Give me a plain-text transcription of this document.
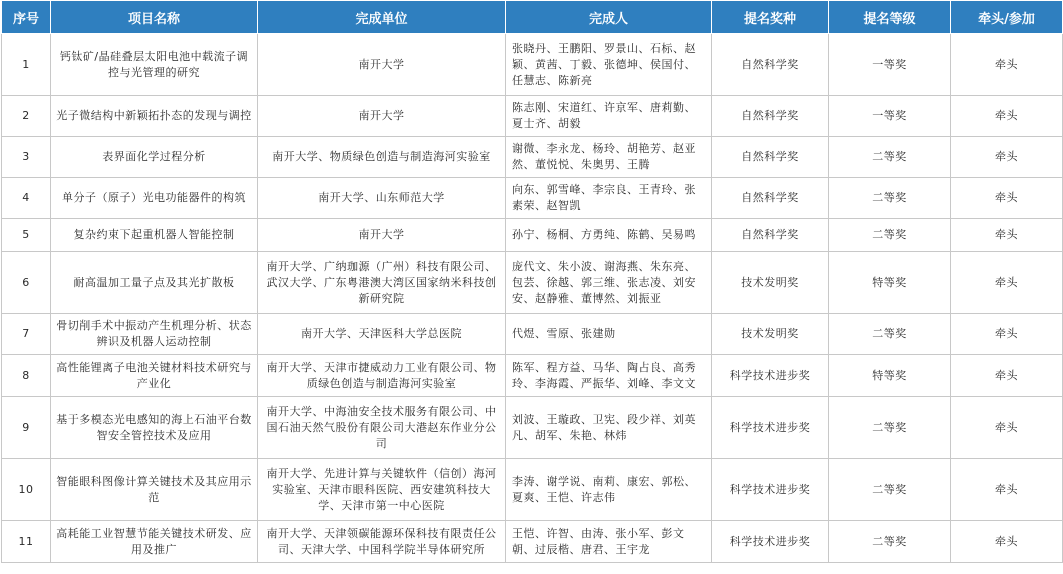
序号	项目名称	完成单位	完成人	提名奖种	提名等级	牵头/参加
1	钙钛矿/晶硅叠层太阳电池中载流子调控与光管理的研究	南开大学	张晓丹、王鹏阳、罗景山、石标、赵颖、黄茜、丁毅、张德坤、侯国付、任慧志、陈新亮	自然科学奖	一等奖	牵头
2	光子微结构中新颖拓扑态的发现与调控	南开大学	陈志刚、宋道红、许京军、唐莉勤、夏士齐、胡毅	自然科学奖	一等奖	牵头
3	表界面化学过程分析	南开大学、物质绿色创造与制造海河实验室	谢微、李永龙、杨玲、胡艳芳、赵亚然、董悦悦、朱奥男、王腾	自然科学奖	二等奖	牵头
4	单分子（原子）光电功能器件的构筑	南开大学、山东师范大学	向东、郭雪峰、李宗良、王青玲、张素荣、赵智凯	自然科学奖	二等奖	牵头
5	复杂约束下起重机器人智能控制	南开大学	孙宁、杨桐、方勇纯、陈鹤、吴易鸣	自然科学奖	二等奖	牵头
6	耐高温加工量子点及其光扩散板	南开大学、广纳珈源（广州）科技有限公司、武汉大学、广东粤港澳大湾区国家纳米科技创新研究院	庞代文、朱小波、谢海燕、朱东亮、包芸、徐越、郭三维、张志凌、刘安安、赵静雅、董博然、刘振亚	技术发明奖	特等奖	牵头
7	骨切削手术中振动产生机理分析、状态辨识及机器人运动控制	南开大学、天津医科大学总医院	代煜、雪原、张建勋	技术发明奖	二等奖	牵头
8	高性能锂离子电池关键材料技术研究与产业化	南开大学、天津市捷威动力工业有限公司、物质绿色创造与制造海河实验室	陈军、程方益、马华、陶占良、高秀玲、李海霞、严振华、刘峰、李文文	科学技术进步奖	特等奖	牵头
9	基于多模态光电感知的海上石油平台数智安全管控技术及应用	南开大学、中海油安全技术服务有限公司、中国石油天然气股份有限公司大港赵东作业分公司	刘波、王璇政、卫宪、段少祥、刘英凡、胡军、朱艳、林炜	科学技术进步奖	二等奖	牵头
10	智能眼科图像计算关键技术及其应用示范	南开大学、先进计算与关键软件（信创）海河实验室、天津市眼科医院、西安建筑科技大学、天津市第一中心医院	李涛、谢学说、南莉、康宏、郭松、夏爽、王恺、许志伟	科学技术进步奖	二等奖	牵头
11	高耗能工业智慧节能关键技术研发、应用及推广	南开大学、天津领碳能源环保科技有限责任公司、天津大学、中国科学院半导体研究所	王恺、许智、由涛、张小军、彭文朝、过辰楷、唐君、王宇龙	科学技术进步奖	二等奖	牵头
